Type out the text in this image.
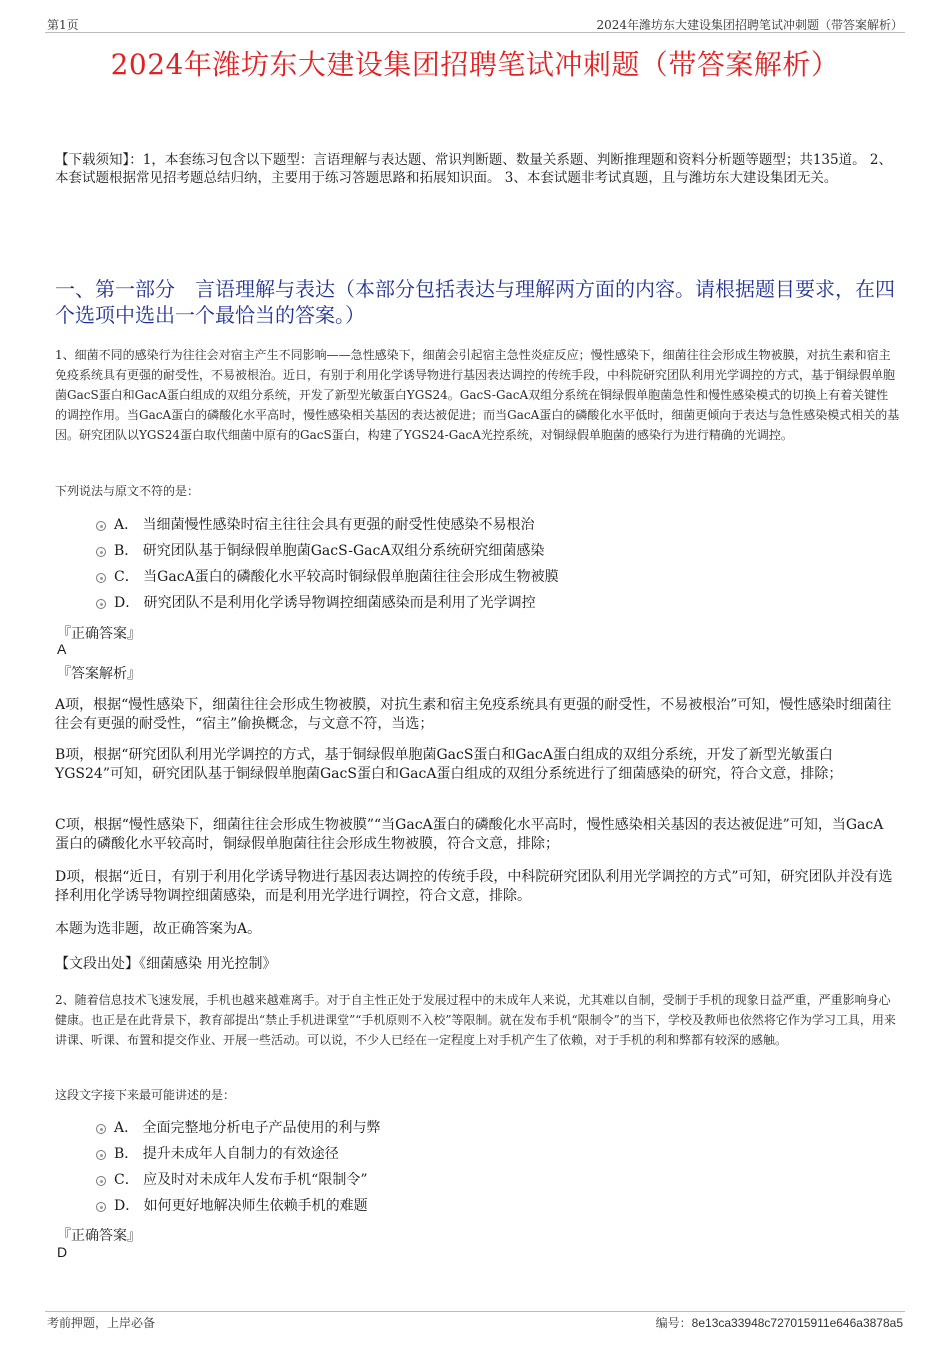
第1页	2024年潍坊东大建设集团招聘笔试冲刺题（带答案解析）
2024年潍坊东大建设集团招聘笔试冲刺题（带答案解析）
【下载须知】：1，本套练习包含以下题型：言语理解与表达题、常识判断题、数量关系题、判断推理题和资料分析题等题型；共135道。 2、本套试题根据常见招考题总结归纳，主要用于练习答题思路和拓展知识面。 3、本套试题非考试真题，且与潍坊东大建设集团无关。
一、第一部分　言语理解与表达（本部分包括表达与理解两方面的内容。请根据题目要求，在四个选项中选出一个最恰当的答案。）
1、细菌不同的感染行为往往会对宿主产生不同影响——急性感染下，细菌会引起宿主急性炎症反应；慢性感染下，细菌往往会形成生物被膜，对抗生素和宿主免疫系统具有更强的耐受性，不易被根治。近日，有别于利用化学诱导物进行基因表达调控的传统手段，中科院研究团队利用光学调控的方式，基于铜绿假单胞菌GacS蛋白和GacA蛋白组成的双组分系统，开发了新型光敏蛋白YGS24。GacS-GacA双组分系统在铜绿假单胞菌急性和慢性感染模式的切换上有着关键性的调控作用。当GacA蛋白的磷酸化水平高时，慢性感染相关基因的表达被促进；而当GacA蛋白的磷酸化水平低时，细菌更倾向于表达与急性感染模式相关的基因。研究团队以YGS24蛋白取代细菌中原有的GacS蛋白，构建了YGS24-GacA光控系统，对铜绿假单胞菌的感染行为进行精确的光调控。
下列说法与原文不符的是：
A． 当细菌慢性感染时宿主往往会具有更强的耐受性使感染不易根治
B． 研究团队基于铜绿假单胞菌GacS-GacA双组分系统研究细菌感染
C． 当GacA蛋白的磷酸化水平较高时铜绿假单胞菌往往会形成生物被膜
D． 研究团队不是利用化学诱导物调控细菌感染而是利用了光学调控
『正确答案』
A
『答案解析』
A项，根据“慢性感染下，细菌往往会形成生物被膜，对抗生素和宿主免疫系统具有更强的耐受性，不易被根治”可知，慢性感染时细菌往往会有更强的耐受性，“宿主”偷换概念，与文意不符，当选；
B项，根据“研究团队利用光学调控的方式，基于铜绿假单胞菌GacS蛋白和GacA蛋白组成的双组分系统，开发了新型光敏蛋白YGS24”可知，研究团队基于铜绿假单胞菌GacS蛋白和GacA蛋白组成的双组分系统进行了细菌感染的研究，符合文意，排除；
C项，根据“慢性感染下，细菌往往会形成生物被膜”“当GacA蛋白的磷酸化水平高时，慢性感染相关基因的表达被促进”可知，当GacA蛋白的磷酸化水平较高时，铜绿假单胞菌往往会形成生物被膜，符合文意，排除；
D项，根据“近日，有别于利用化学诱导物进行基因表达调控的传统手段，中科院研究团队利用光学调控的方式”可知，研究团队并没有选择利用化学诱导物调控细菌感染，而是利用光学进行调控，符合文意，排除。
本题为选非题，故正确答案为A。
【文段出处】《细菌感染 用光控制》
2、随着信息技术飞速发展，手机也越来越难离手。对于自主性正处于发展过程中的未成年人来说，尤其难以自制，受制于手机的现象日益严重，严重影响身心健康。也正是在此背景下，教育部提出“禁止手机进课堂”“手机原则不入校”等限制。就在发布手机“限制令”的当下，学校及教师也依然将它作为学习工具，用来讲课、听课、布置和提交作业、开展一些活动。可以说，不少人已经在一定程度上对手机产生了依赖，对于手机的利和弊都有较深的感触。
这段文字接下来最可能讲述的是：
A． 全面完整地分析电子产品使用的利与弊
B． 提升未成年人自制力的有效途径
C． 应及时对未成年人发布手机“限制令”
D． 如何更好地解决师生依赖手机的难题
『正确答案』
D
考前押题，上岸必备	编号：8e13ca33948c727015911e646a3878a5
